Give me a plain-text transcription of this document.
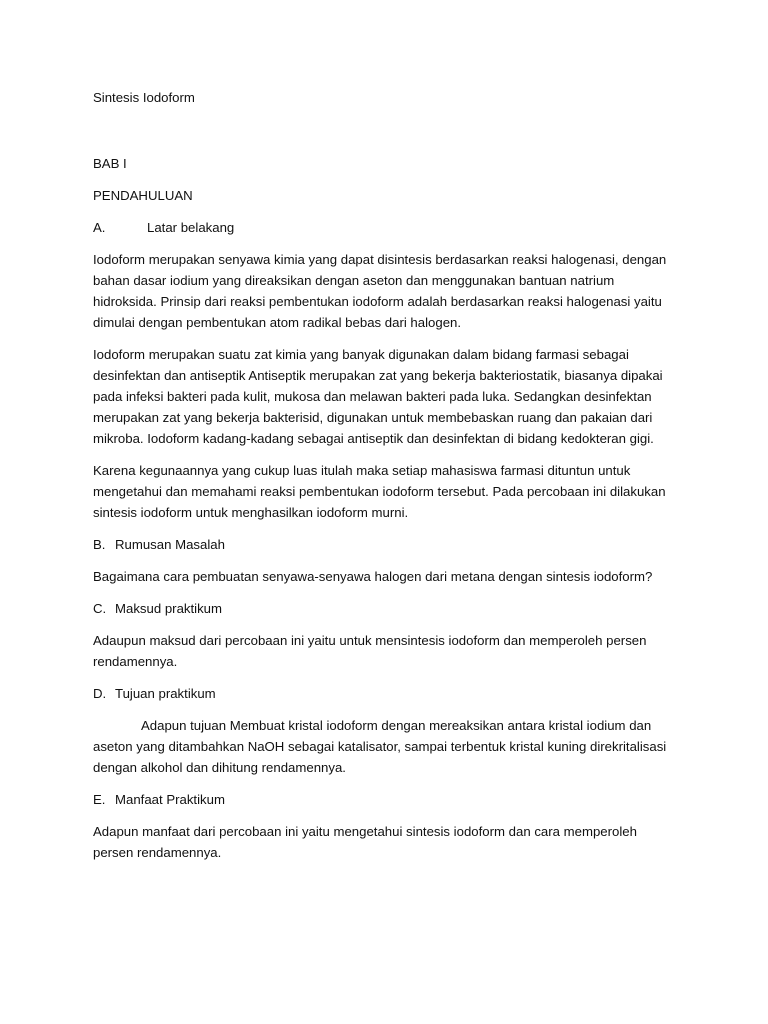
Sintesis Iodoform

BAB I

PENDAHULUAN

A.	Latar belakang

Iodoform merupakan senyawa kimia yang dapat disintesis berdasarkan reaksi halogenasi, dengan bahan dasar iodium yang direaksikan dengan aseton dan menggunakan bantuan natrium hidroksida. Prinsip dari reaksi pembentukan iodoform adalah berdasarkan reaksi halogenasi yaitu dimulai dengan pembentukan atom radikal bebas dari halogen.

Iodoform merupakan suatu zat kimia yang banyak digunakan dalam bidang farmasi sebagai desinfektan dan antiseptik Antiseptik merupakan zat yang bekerja bakteriostatik, biasanya dipakai pada infeksi bakteri pada kulit, mukosa dan melawan bakteri pada luka. Sedangkan desinfektan merupakan zat yang bekerja bakterisid, digunakan untuk membebaskan ruang dan pakaian dari mikroba. Iodoform kadang-kadang sebagai antiseptik dan desinfektan di bidang kedokteran gigi.

Karena kegunaannya yang cukup luas itulah maka setiap mahasiswa farmasi dituntun untuk mengetahui dan memahami reaksi pembentukan iodoform tersebut. Pada percobaan ini dilakukan sintesis iodoform untuk menghasilkan iodoform murni.

B. Rumusan Masalah

Bagaimana cara pembuatan senyawa-senyawa halogen dari metana dengan sintesis iodoform?

C. Maksud praktikum

Adaupun maksud dari percobaan ini yaitu untuk mensintesis iodoform dan memperoleh persen rendamennya.

D. Tujuan praktikum

Adapun tujuan Membuat kristal iodoform dengan mereaksikan antara kristal iodium dan aseton yang ditambahkan NaOH sebagai katalisator, sampai terbentuk kristal kuning direkritalisasi dengan alkohol dan dihitung rendamennya.

E. Manfaat Praktikum

Adapun manfaat dari percobaan ini yaitu mengetahui sintesis iodoform dan cara memperoleh persen rendamennya.
